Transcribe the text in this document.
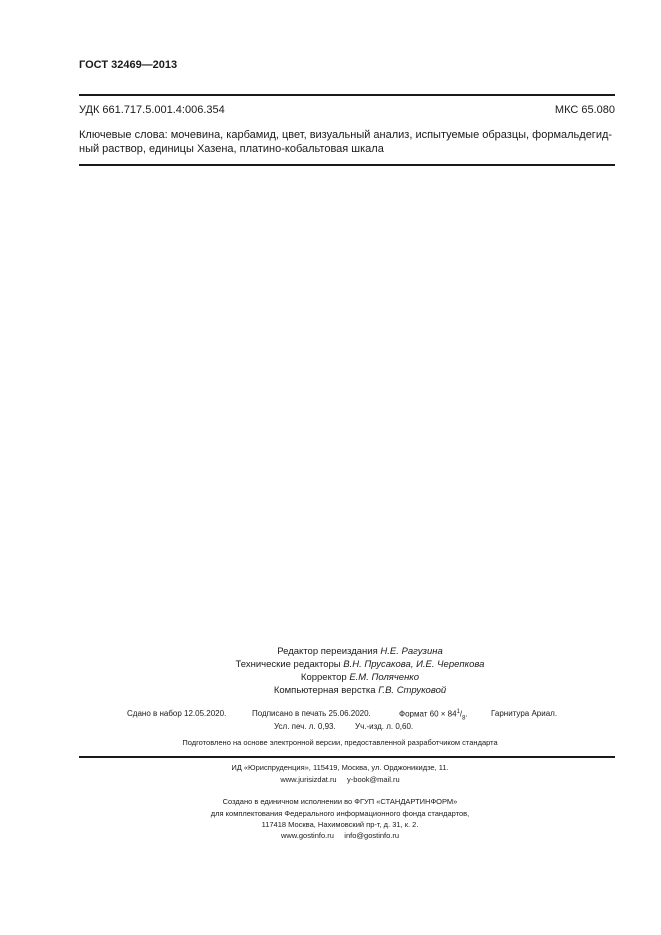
ГОСТ 32469—2013
УДК 661.717.5.001.4:006.354	МКС 65.080
Ключевые слова: мочевина, карбамид, цвет, визуальный анализ, испытуемые образцы, формальдегид-ный раствор, единицы Хазена, платино-кобальтовая шкала
Редактор переиздания Н.Е. Рагузина
Технические редакторы В.Н. Прусакова, И.Е. Черепкова
Корректор Е.М. Поляченко
Компьютерная верстка Г.В. Струковой
Сдано в набор 12.05.2020.	Подписано в печать 25.06.2020.	Формат $60 \times 84^1/_8$.	Гарнитура Ариал.
Усл. печ. л. 0,93. Уч.-изд. л. 0,60.
Подготовлено на основе электронной версии, предоставленной разработчиком стандарта
ИД «Юриспруденция», 115419, Москва, ул. Орджоникидзе, 11.
www.jurisizdat.ru     y-book@mail.ru
Создано в единичном исполнении во ФГУП «СТАНДАРТИНФОРМ»
для комплектования Федерального информационного фонда стандартов,
117418 Москва, Нахимовский пр-т, д. 31, к. 2.
www.gostinfo.ru     info@gostinfo.ru
